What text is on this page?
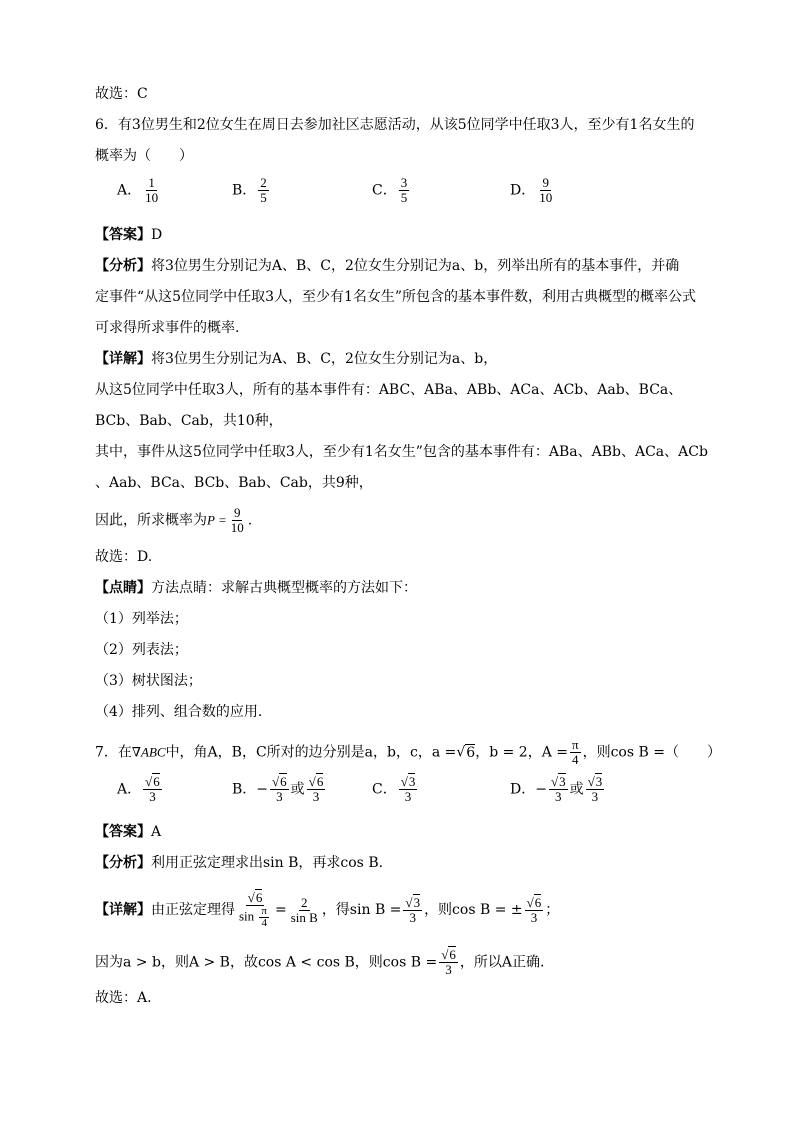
故选：C
6．有3位男生和2位女生在周日去参加社区志愿活动，从该5位同学中任取3人，至少有1名女生的
概率为（　　）
A． $\frac{1}{10}$	B． $\frac{2}{5}$	C． $\frac{3}{5}$	D． $\frac{9}{10}$
【答案】D
【分析】将3位男生分别记为A、B、C，2位女生分别记为a、b，列举出所有的基本事件，并确
定事件“从这5位同学中任取3人，至少有1名女生”所包含的基本事件数，利用古典概型的概率公式
可求得所求事件的概率.
【详解】将3位男生分别记为A、B、C，2位女生分别记为a、b，
从这5位同学中任取3人，所有的基本事件有：ABC、ABa、ABb、ACa、ACb、Aab、BCa、
BCb、Bab、Cab，共10种，
其中，事件从这5位同学中任取3人，至少有1名女生”包含的基本事件有：ABa、ABb、ACa、ACb
、Aab、BCa、BCb、Bab、Cab，共9种，
因此，所求概率为$P = \frac{9}{10}$ .
故选：D.
【点睛】方法点睛：求解古典概型概率的方法如下：
（1）列举法；
（2）列表法；
（3）树状图法；
（4）排列、组合数的应用.
7．在∇ABC中，角A，B，C所对的边分别是a，b，c，a =√6，b = 2，$A = \frac{\pi}{4}$ ，则cos B =（　　）
A． $\frac{√6}{3}$	B．− $\frac{√6}{3}$ 或 $\frac{√6}{3}$	C． $\frac{√3}{3}$	D．− $\frac{√3}{3}$ 或 $\frac{√3}{3}$
【答案】A
【分析】利用正弦定理求出sin B，再求cos B.
【详解】由正弦定理得 $\frac{√6}{\sin \frac{\pi}{4}} = \frac{2}{\text{sin B}}$ ，得$\sin B = \frac{√3}{3}$ ，则cos B = ± $\frac{√6}{3}$ ；
因为a > b，则A > B，故cos A < cos B，则$\cos B = \frac{√6}{3}$ ，所以A正确.
故选：A.
